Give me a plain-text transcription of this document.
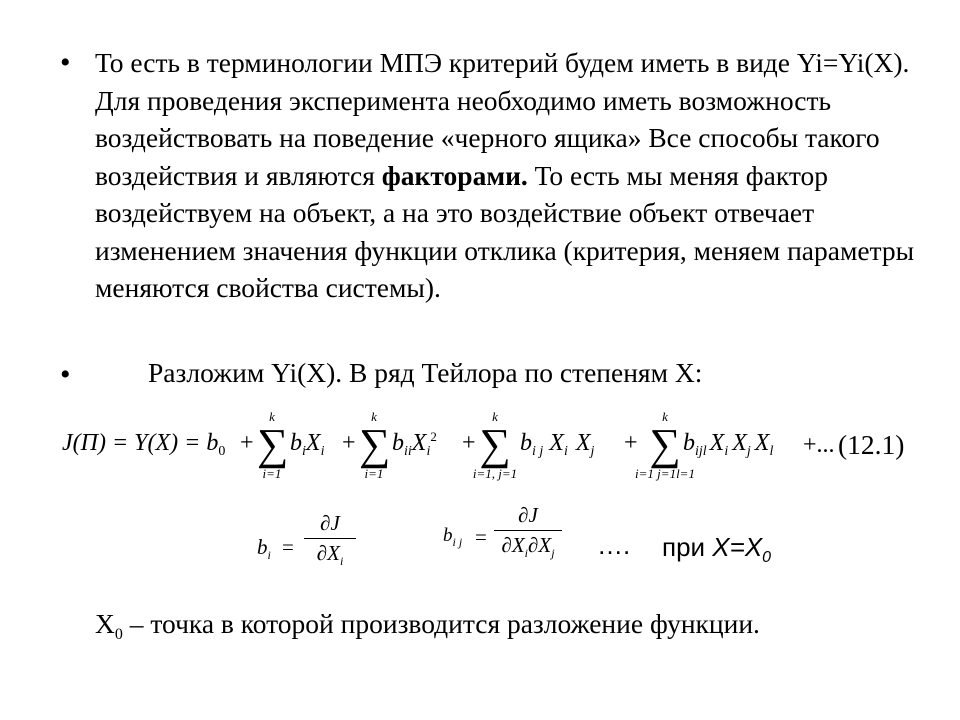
• То есть в терминологии МПЭ критерий будем иметь в виде Yi=Yi(X). Для проведения эксперимента необходимо иметь возможность воздействовать на поведение «черного ящика» Все способы такого воздействия и являются факторами. То есть мы меняя фактор воздействуем на объект, а на это воздействие объект отвечает изменением значения функции отклика (критерия, меняем параметры меняются свойства системы).
•	Разложим Yi(X). В ряд Тейлора по степеням X:
$J(П) = Y(X) = b_0$ +
k
∑
i=1
$b_iX_i$ +
k
∑
i=1
$b_{ii}X_i^2$ +
k
∑
i=1, j=1
$b_{i j}$ $X_i$ $X_j$ +
k
∑
i=1 j=1l=1
$b_{ijl}$ $X_i$ $X_j$ $X_l$ +... (12.1)
$b_i$ =
∂J
$\partial X_i$
$b_{i j}$ =
∂J
$\partial X_i\partial X_j$ …. при $X=X_0$
$X_0$ – точка в которой производится разложение функции.
